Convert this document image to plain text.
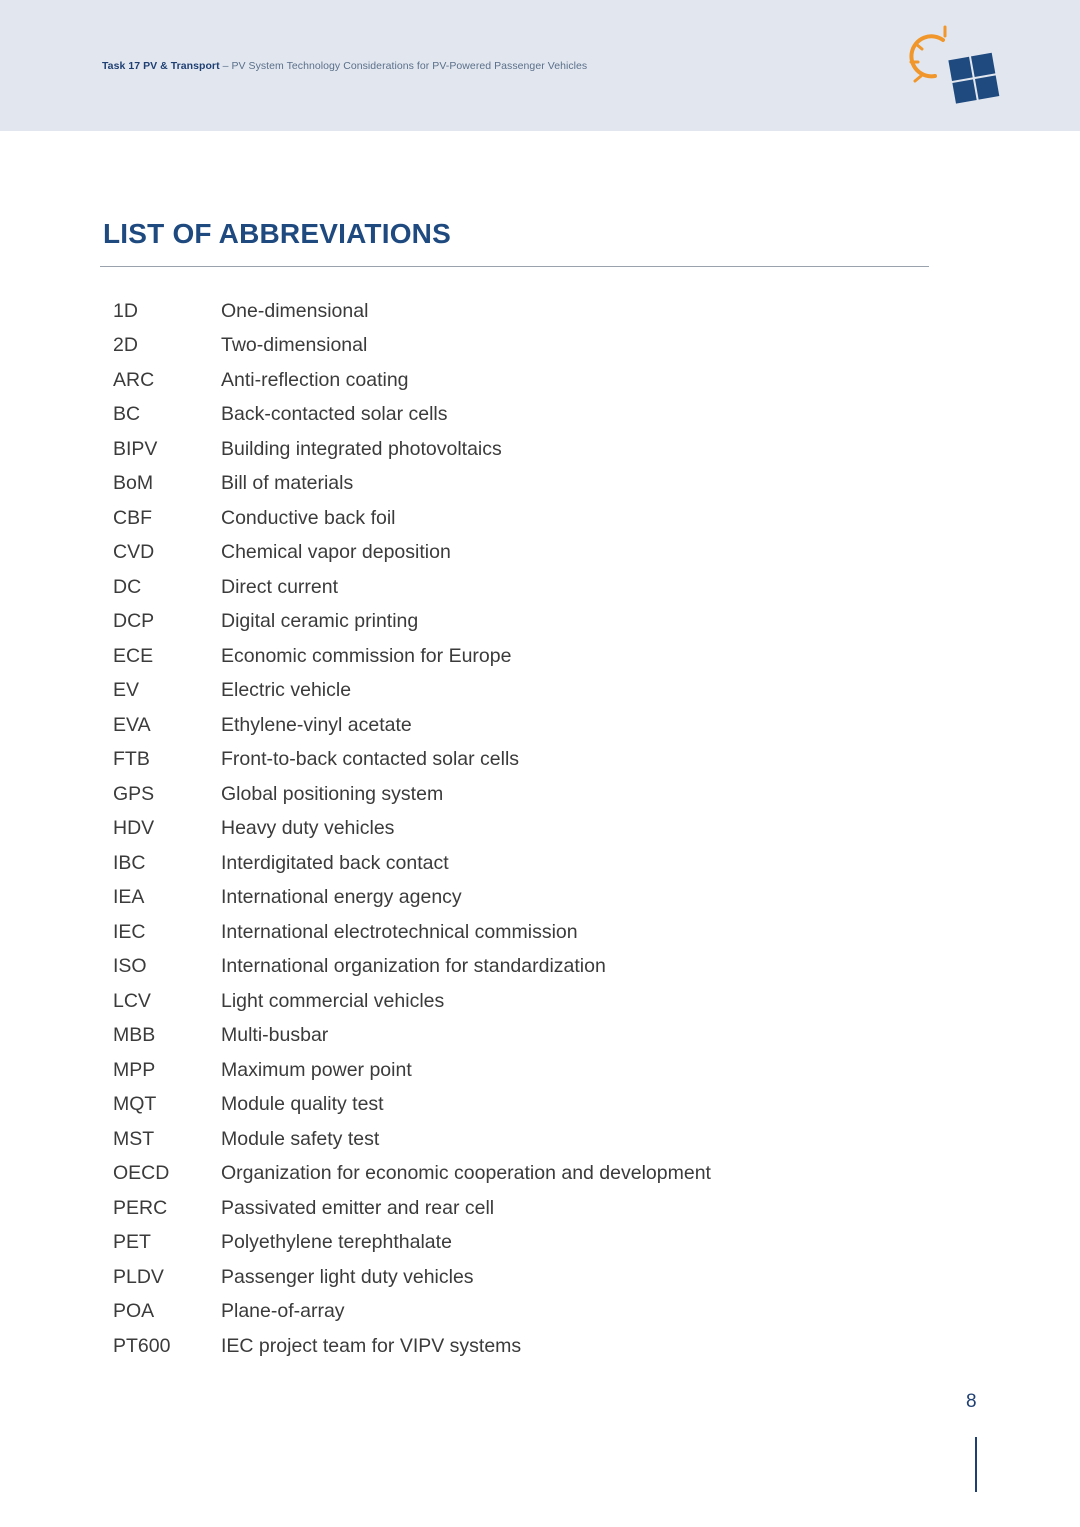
Task 17 PV & Transport – PV System Technology Considerations for PV-Powered Passenger Vehicles
LIST OF ABBREVIATIONS
1D	One-dimensional
2D	Two-dimensional
ARC	Anti-reflection coating
BC	Back-contacted solar cells
BIPV	Building integrated photovoltaics
BoM	Bill of materials
CBF	Conductive back foil
CVD	Chemical vapor deposition
DC	Direct current
DCP	Digital ceramic printing
ECE	Economic commission for Europe
EV	Electric vehicle
EVA	Ethylene-vinyl acetate
FTB	Front-to-back contacted solar cells
GPS	Global positioning system
HDV	Heavy duty vehicles
IBC	Interdigitated back contact
IEA	International energy agency
IEC	International electrotechnical commission
ISO	International organization for standardization
LCV	Light commercial vehicles
MBB	Multi-busbar
MPP	Maximum power point
MQT	Module quality test
MST	Module safety test
OECD	Organization for economic cooperation and development
PERC	Passivated emitter and rear cell
PET	Polyethylene terephthalate
PLDV	Passenger light duty vehicles
POA	Plane-of-array
PT600	IEC project team for VIPV systems
8
